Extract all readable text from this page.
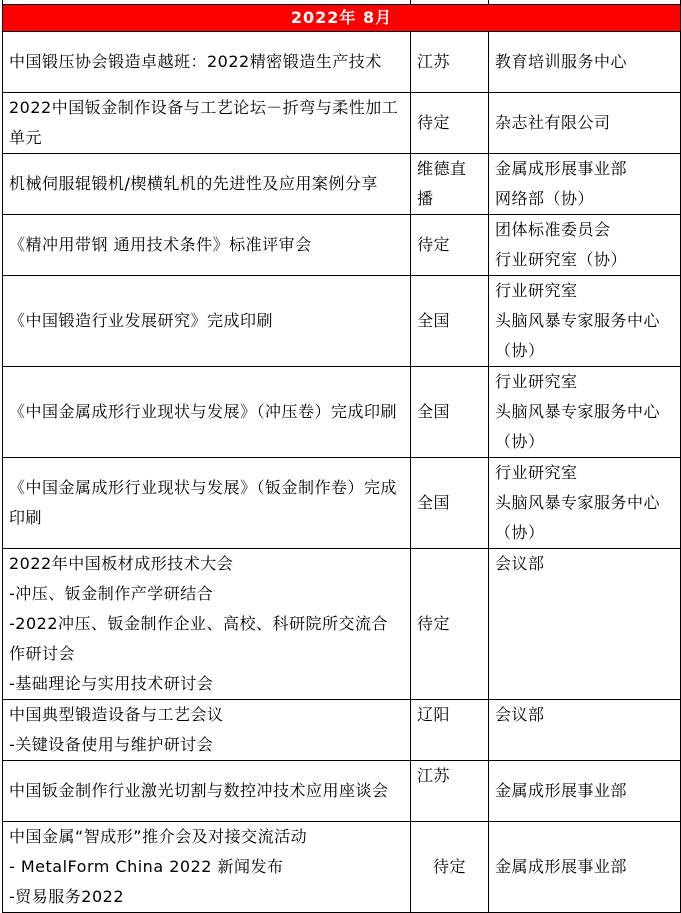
2022年 8月		

中国锻压协会锻造卓越班：2022精密锻造生产技术	江苏	教育培训服务中心

2022中国钣金制作设备与工艺论坛－折弯与柔性加工单元	待定	杂志社有限公司

机械伺服辊锻机/楔横轧机的先进性及应用案例分享	维德直播	金属成形展事业部
网络部（协）

《精冲用带钢 通用技术条件》标准评审会	待定	团体标准委员会
行业研究室（协）

《中国锻造行业发展研究》完成印刷	全国	行业研究室
头脑风暴专家服务中心（协）

《中国金属成形行业现状与发展》（冲压卷）完成印刷	全国	行业研究室
头脑风暴专家服务中心（协）

《中国金属成形行业现状与发展》（钣金制作卷）完成印刷	全国	行业研究室
头脑风暴专家服务中心（协）

2022年中国板材成形技术大会
-冲压、钣金制作产学研结合
-2022冲压、钣金制作企业、高校、科研院所交流合作研讨会
-基础理论与实用技术研讨会	待定	会议部

中国典型锻造设备与工艺会议
-关键设备使用与维护研讨会	辽阳	会议部

中国钣金制作行业激光切割与数控冲技术应用座谈会	江苏	金属成形展事业部

中国金属“智成形”推介会及对接交流活动
- MetalForm China 2022 新闻发布
-贸易服务2022	待定	金属成形展事业部
